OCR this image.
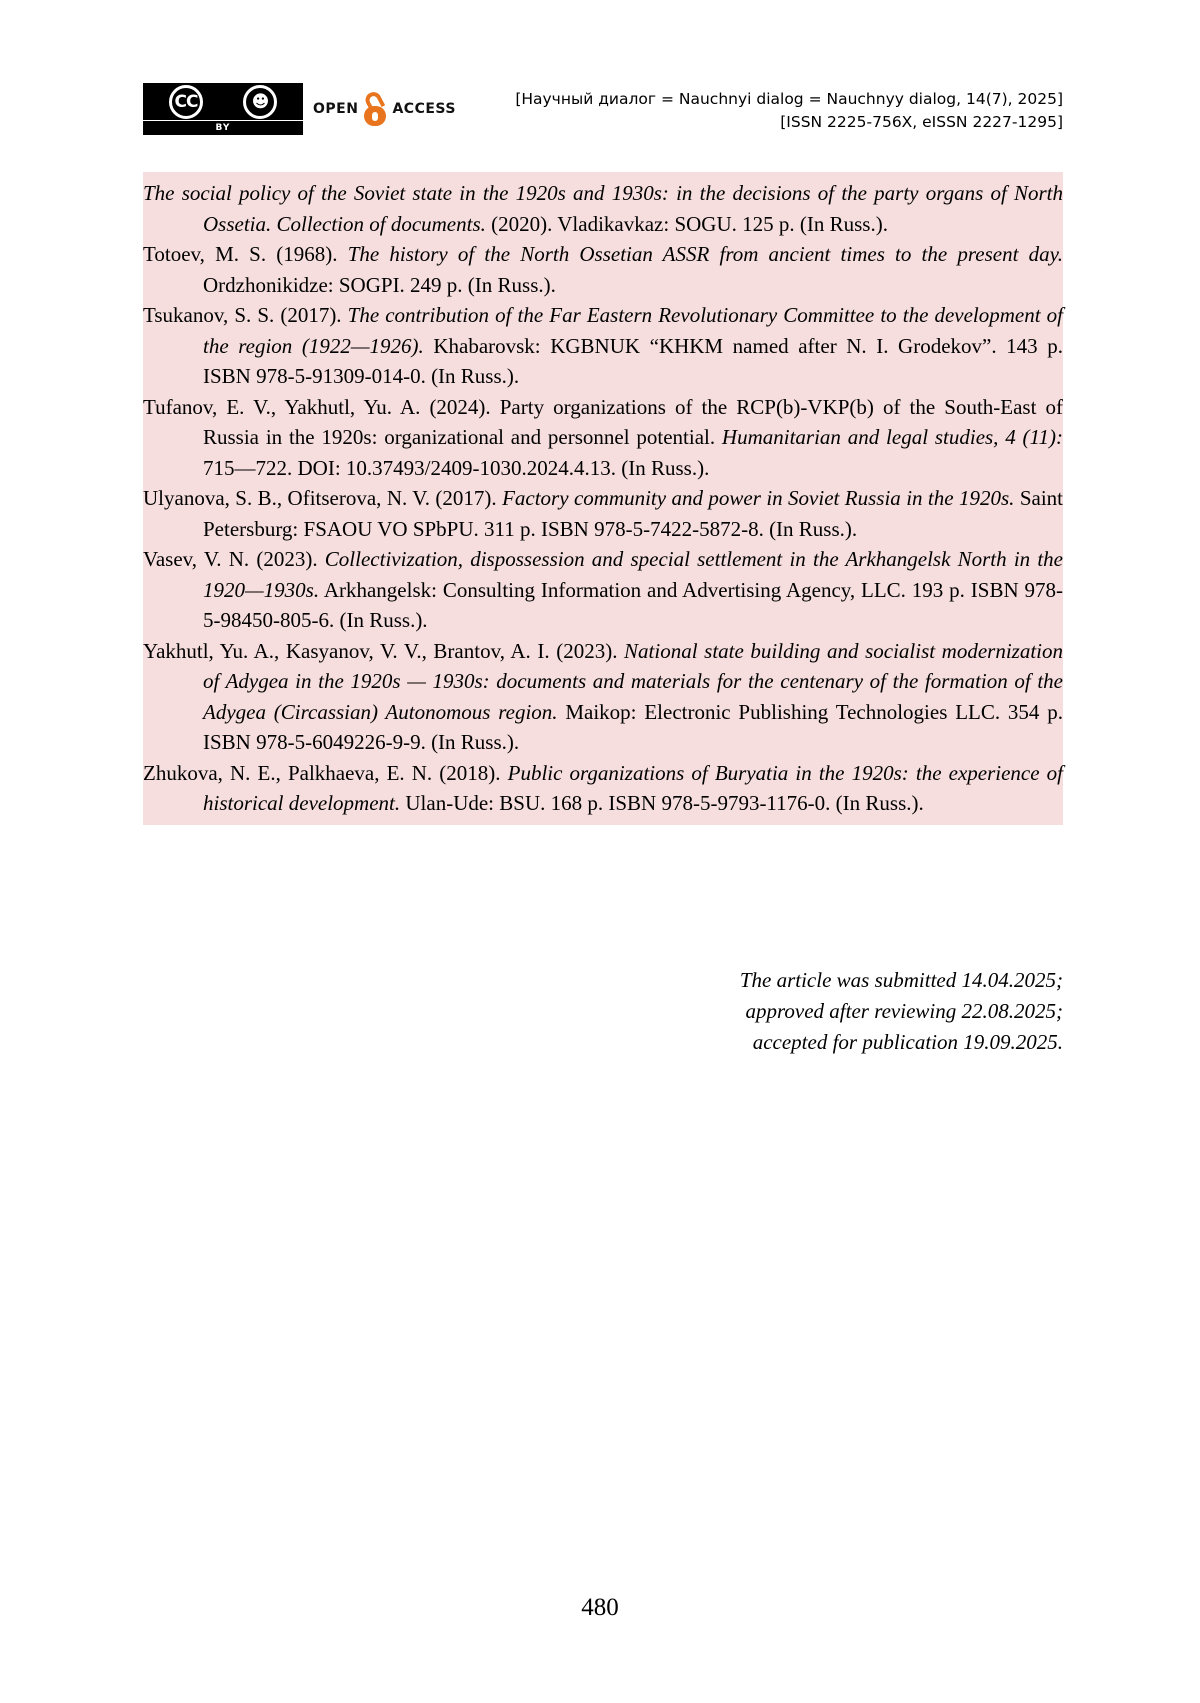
CC	☻
BY
OPEN ACCESS
[Научный диалог = Nauchnyi dialog = Nauchnyy dialog, 14(7), 2025]
[ISSN 2225-756X, eISSN 2227-1295]

The social policy of the Soviet state in the 1920s and 1930s: in the decisions of the party organs of North Ossetia. Collection of documents. (2020). Vladikavkaz: SOGU. 125 p. (In Russ.).

Totoev, M. S. (1968). The history of the North Ossetian ASSR from ancient times to the present day. Ordzhonikidze: SOGPI. 249 p. (In Russ.).

Tsukanov, S. S. (2017). The contribution of the Far Eastern Revolutionary Committee to the development of the region (1922—1926). Khabarovsk: KGBNUK “KHKM named after N. I. Grodekov”. 143 p. ISBN 978-5-91309-014-0. (In Russ.).

Tufanov, E. V., Yakhutl, Yu. A. (2024). Party organizations of the RCP(b)-VKP(b) of the South-East of Russia in the 1920s: organizational and personnel potential. Humanitarian and legal studies, 4 (11): 715—722. DOI: 10.37493/2409-1030.2024.4.13. (In Russ.).

Ulyanova, S. B., Ofitserova, N. V. (2017). Factory community and power in Soviet Russia in the 1920s. Saint Petersburg: FSAOU VO SPbPU. 311 p. ISBN 978-5-7422-5872-8. (In Russ.).

Vasev, V. N. (2023). Collectivization, dispossession and special settlement in the Arkhangelsk North in the 1920—1930s. Arkhangelsk: Consulting Information and Advertising Agency, LLC. 193 p. ISBN 978-5-98450-805-6. (In Russ.).

Yakhutl, Yu. A., Kasyanov, V. V., Brantov, A. I. (2023). National state building and socialist modernization of Adygea in the 1920s — 1930s: documents and materials for the centenary of the formation of the Adygea (Circassian) Autonomous region. Maikop: Electronic Publishing Technologies LLC. 354 p. ISBN 978-5-6049226-9-9. (In Russ.).

Zhukova, N. E., Palkhaeva, E. N. (2018). Public organizations of Buryatia in the 1920s: the experience of historical development. Ulan-Ude: BSU. 168 p. ISBN 978-5-9793-1176-0. (In Russ.).

The article was submitted 14.04.2025;
approved after reviewing 22.08.2025;
accepted for publication 19.09.2025.
480
